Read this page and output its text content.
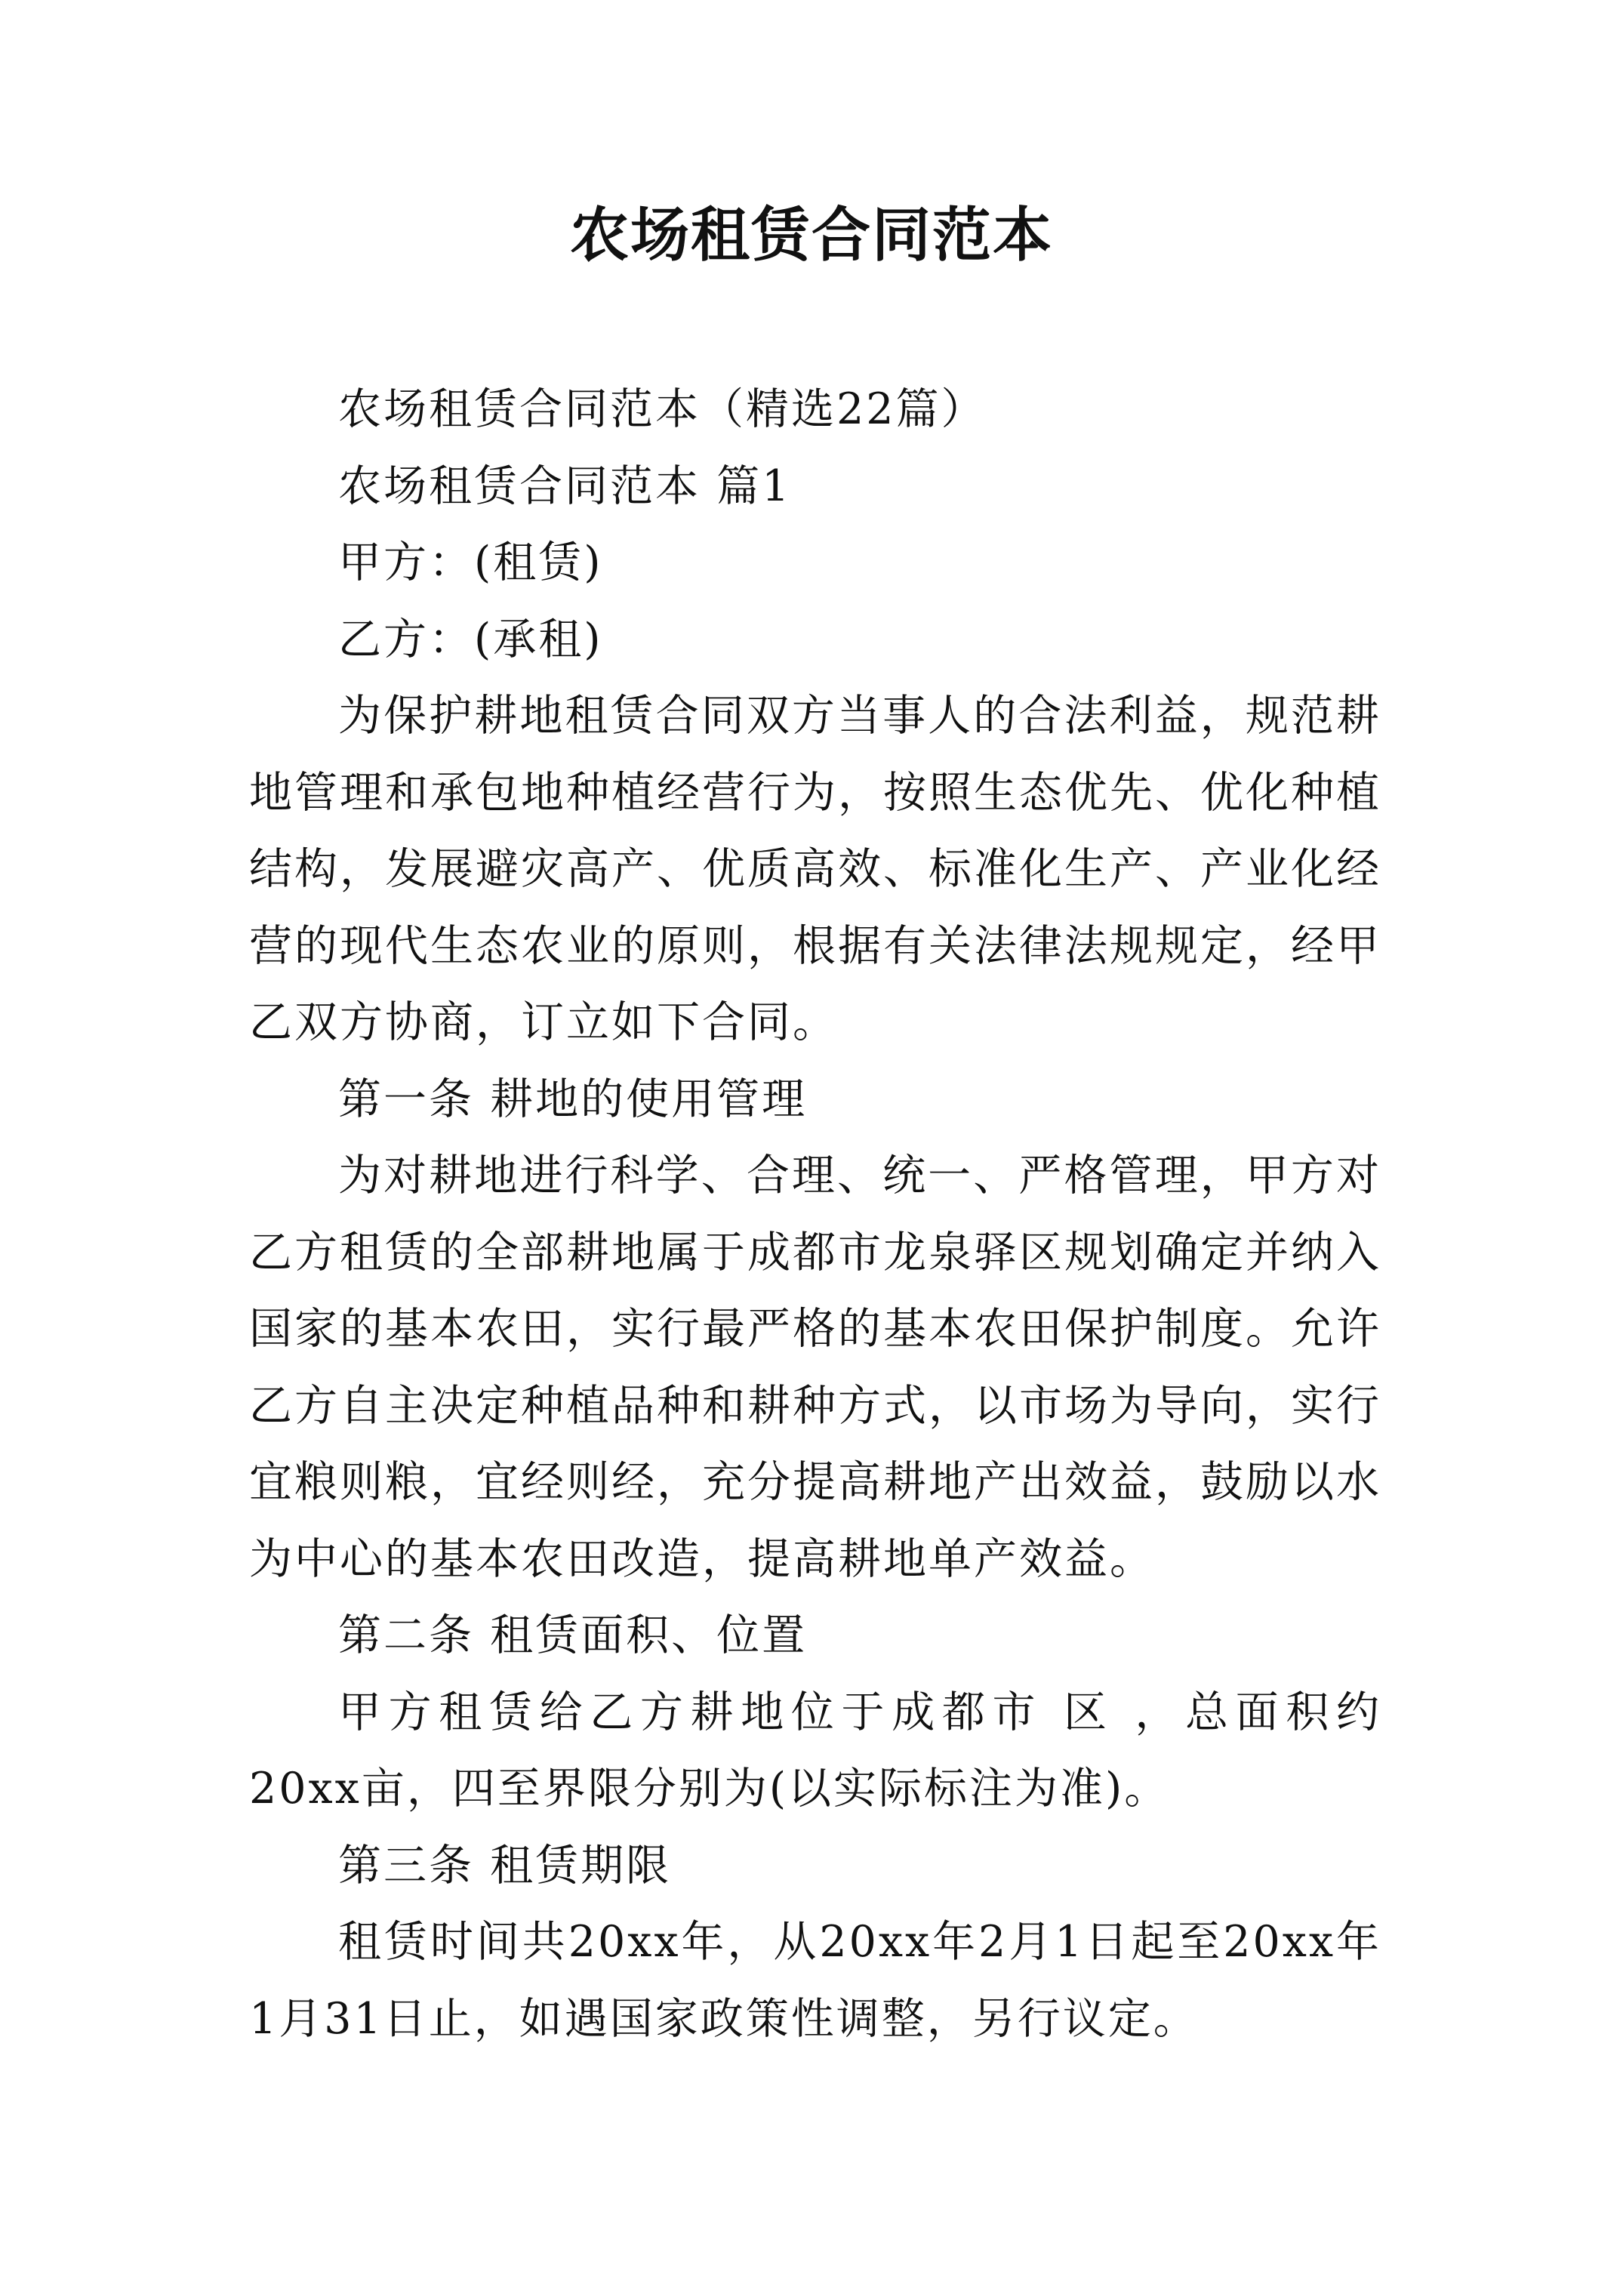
农场租赁合同范本

农场租赁合同范本（精选22篇）

农场租赁合同范本 篇1

甲方：(租赁)

乙方：(承租)

为保护耕地租赁合同双方当事人的合法利益，规范耕地管理和承包地种植经营行为，按照生态优先、优化种植结构，发展避灾高产、优质高效、标准化生产、产业化经营的现代生态农业的原则，根据有关法律法规规定，经甲乙双方协商，订立如下合同。

第一条 耕地的使用管理

为对耕地进行科学、合理、统一、严格管理，甲方对乙方租赁的全部耕地属于成都市龙泉驿区规划确定并纳入国家的基本农田，实行最严格的基本农田保护制度。允许乙方自主决定种植品种和耕种方式，以市场为导向，实行宜粮则粮，宜经则经，充分提高耕地产出效益，鼓励以水为中心的基本农田改造，提高耕地单产效益。

第二条 租赁面积、位置

甲方租赁给乙方耕地位于成都市 区 ，总面积约20xx亩，四至界限分别为(以实际标注为准)。

第三条 租赁期限

租赁时间共20xx年，从20xx年2月1日起至20xx年1月31日止，如遇国家政策性调整，另行议定。
